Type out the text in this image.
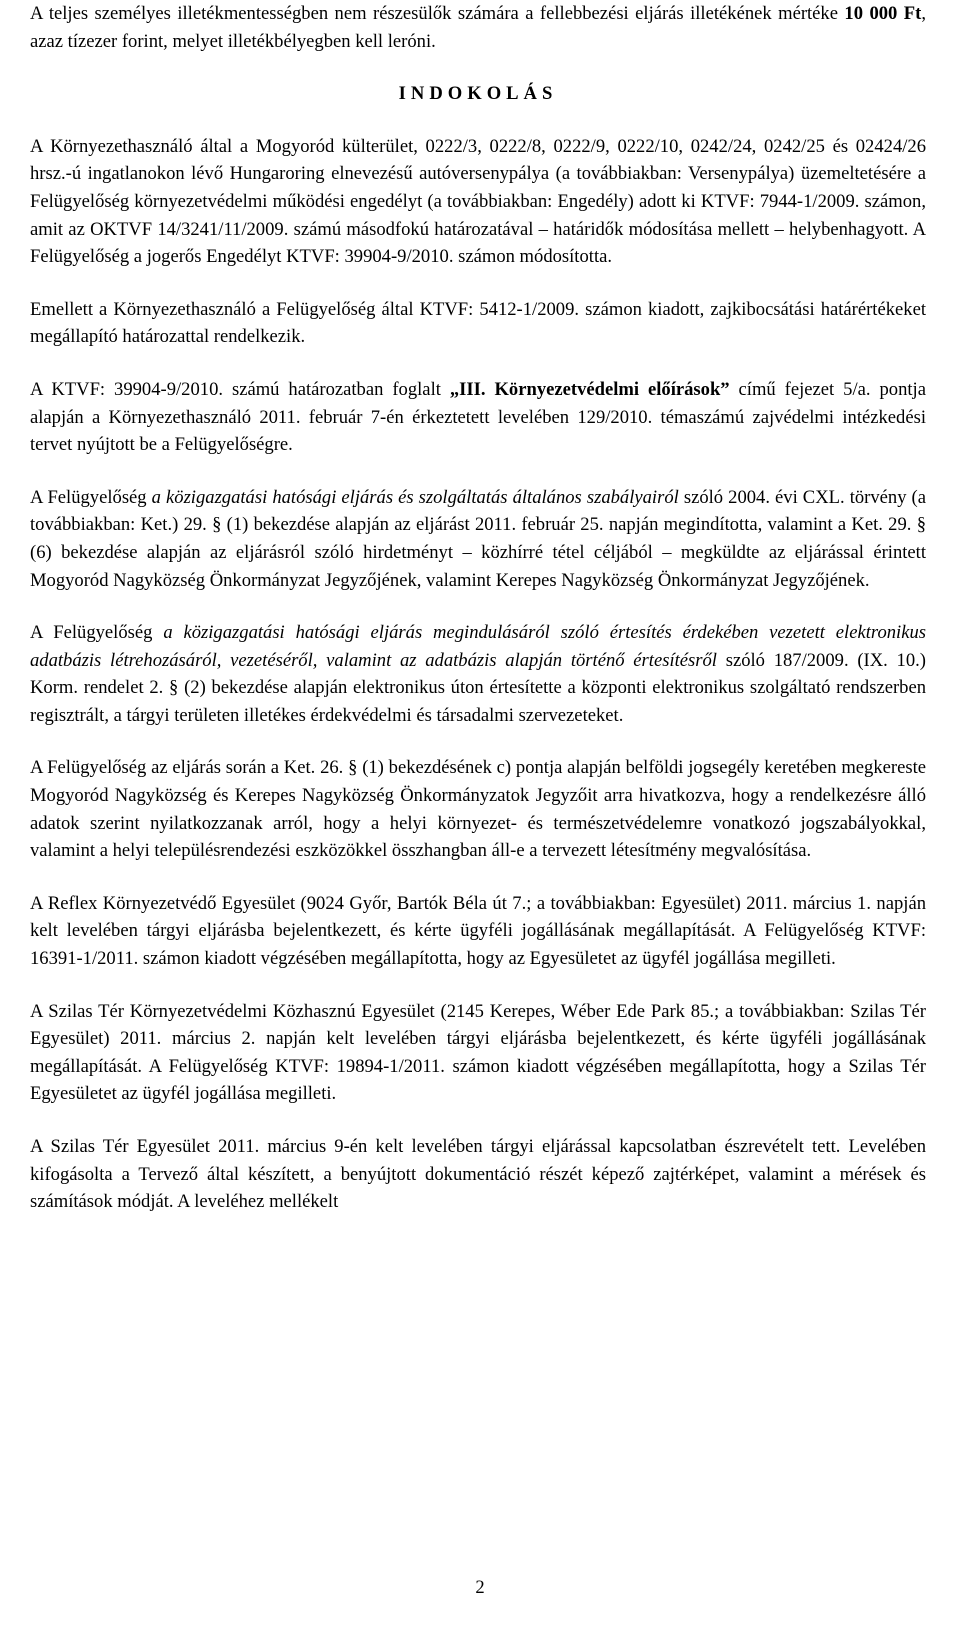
A teljes személyes illetékmentességben nem részesülők számára a fellebbezési eljárás illetékének mértéke 10 000 Ft, azaz tízezer forint, melyet illetékbélyegben kell leróni.

INDOKOLÁS

A Környezethasználó által a Mogyoród külterület, 0222/3, 0222/8, 0222/9, 0222/10, 0242/24, 0242/25 és 02424/26 hrsz.-ú ingatlanokon lévő Hungaroring elnevezésű autóversenypálya (a továbbiakban: Versenypálya) üzemeltetésére a Felügyelőség környezetvédelmi működési engedélyt (a továbbiakban: Engedély) adott ki KTVF: 7944-1/2009. számon, amit az OKTVF 14/3241/11/2009. számú másodfokú határozatával – határidők módosítása mellett – helybenhagyott. A Felügyelőség a jogerős Engedélyt KTVF: 39904-9/2010. számon módosította.

Emellett a Környezethasználó a Felügyelőség által KTVF: 5412-1/2009. számon kiadott, zajkibocsátási határértékeket megállapító határozattal rendelkezik.

A KTVF: 39904-9/2010. számú határozatban foglalt „III. Környezetvédelmi előírások” című fejezet 5/a. pontja alapján a Környezethasználó 2011. február 7-én érkeztetett levelében 129/2010. témaszámú zajvédelmi intézkedési tervet nyújtott be a Felügyelőségre.

A Felügyelőség a közigazgatási hatósági eljárás és szolgáltatás általános szabályairól szóló 2004. évi CXL. törvény (a továbbiakban: Ket.) 29. § (1) bekezdése alapján az eljárást 2011. február 25. napján megindította, valamint a Ket. 29. § (6) bekezdése alapján az eljárásról szóló hirdetményt – közhírré tétel céljából – megküldte az eljárással érintett Mogyoród Nagyközség Önkormányzat Jegyzőjének, valamint Kerepes Nagyközség Önkormányzat Jegyzőjének.

A Felügyelőség a közigazgatási hatósági eljárás megindulásáról szóló értesítés érdekében vezetett elektronikus adatbázis létrehozásáról, vezetéséről, valamint az adatbázis alapján történő értesítésről szóló 187/2009. (IX. 10.) Korm. rendelet 2. § (2) bekezdése alapján elektronikus úton értesítette a központi elektronikus szolgáltató rendszerben regisztrált, a tárgyi területen illetékes érdekvédelmi és társadalmi szervezeteket.

A Felügyelőség az eljárás során a Ket. 26. § (1) bekezdésének c) pontja alapján belföldi jogsegély keretében megkereste Mogyoród Nagyközség és Kerepes Nagyközség Önkormányzatok Jegyzőit arra hivatkozva, hogy a rendelkezésre álló adatok szerint nyilatkozzanak arról, hogy a helyi környezet- és természetvédelemre vonatkozó jogszabályokkal, valamint a helyi településrendezési eszközökkel összhangban áll-e a tervezett létesítmény megvalósítása.

A Reflex Környezetvédő Egyesület (9024 Győr, Bartók Béla út 7.; a továbbiakban: Egyesület) 2011. március 1. napján kelt levelében tárgyi eljárásba bejelentkezett, és kérte ügyféli jogállásának megállapítását. A Felügyelőség KTVF: 16391-1/2011. számon kiadott végzésében megállapította, hogy az Egyesületet az ügyfél jogállása megilleti.

A Szilas Tér Környezetvédelmi Közhasznú Egyesület (2145 Kerepes, Wéber Ede Park 85.; a továbbiakban: Szilas Tér Egyesület) 2011. március 2. napján kelt levelében tárgyi eljárásba bejelentkezett, és kérte ügyféli jogállásának megállapítását. A Felügyelőség KTVF: 19894-1/2011. számon kiadott végzésében megállapította, hogy a Szilas Tér Egyesületet az ügyfél jogállása megilleti.

A Szilas Tér Egyesület 2011. március 9-én kelt levelében tárgyi eljárással kapcsolatban észrevételt tett. Levelében kifogásolta a Tervező által készített, a benyújtott dokumentáció részét képező zajtérképet, valamint a mérések és számítások módját. A leveléhez mellékelt

2
